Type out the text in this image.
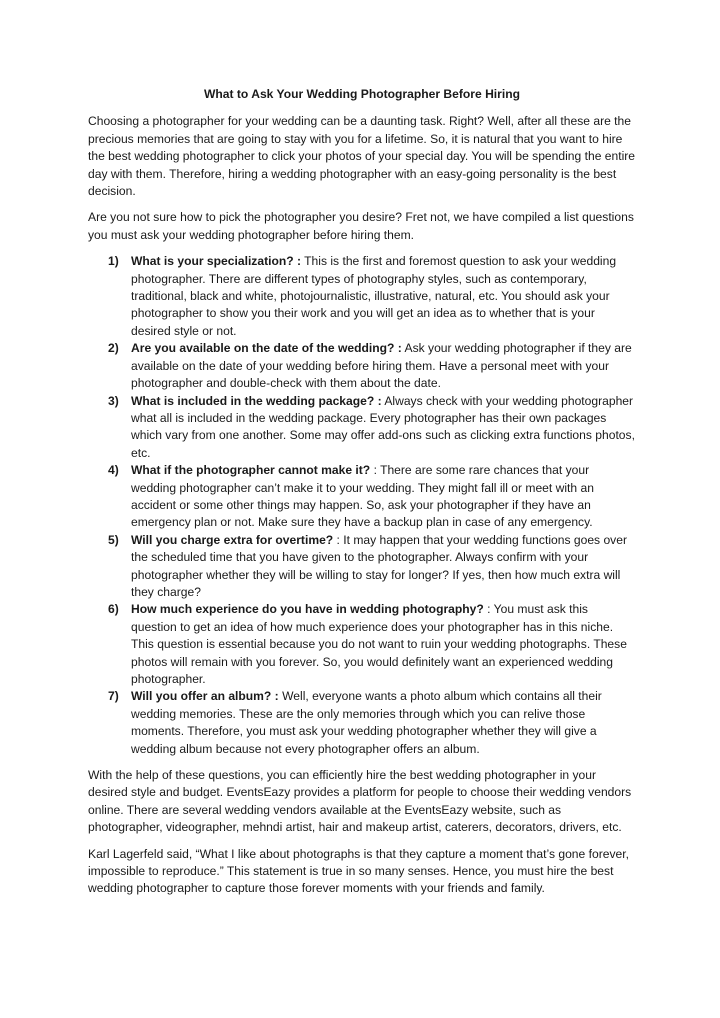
What to Ask Your Wedding Photographer Before Hiring

Choosing a photographer for your wedding can be a daunting task. Right? Well, after all these are the precious memories that are going to stay with you for a lifetime. So, it is natural that you want to hire the best wedding photographer to click your photos of your special day. You will be spending the entire day with them. Therefore, hiring a wedding photographer with an easy-going personality is the best decision.

Are you not sure how to pick the photographer you desire? Fret not, we have compiled a list questions you must ask your wedding photographer before hiring them.

1) What is your specialization? : This is the first and foremost question to ask your wedding photographer. There are different types of photography styles, such as contemporary, traditional, black and white, photojournalistic, illustrative, natural, etc. You should ask your photographer to show you their work and you will get an idea as to whether that is your desired style or not.
2) Are you available on the date of the wedding? : Ask your wedding photographer if they are available on the date of your wedding before hiring them. Have a personal meet with your photographer and double-check with them about the date.
3) What is included in the wedding package? : Always check with your wedding photographer what all is included in the wedding package. Every photographer has their own packages which vary from one another. Some may offer add-ons such as clicking extra functions photos, etc.
4) What if the photographer cannot make it? : There are some rare chances that your wedding photographer can’t make it to your wedding. They might fall ill or meet with an accident or some other things may happen. So, ask your photographer if they have an emergency plan or not. Make sure they have a backup plan in case of any emergency.
5) Will you charge extra for overtime? : It may happen that your wedding functions goes over the scheduled time that you have given to the photographer. Always confirm with your photographer whether they will be willing to stay for longer? If yes, then how much extra will they charge?
6) How much experience do you have in wedding photography? : You must ask this question to get an idea of how much experience does your photographer has in this niche. This question is essential because you do not want to ruin your wedding photographs. These photos will remain with you forever. So, you would definitely want an experienced wedding photographer.
7) Will you offer an album? : Well, everyone wants a photo album which contains all their wedding memories. These are the only memories through which you can relive those moments. Therefore, you must ask your wedding photographer whether they will give a wedding album because not every photographer offers an album.

With the help of these questions, you can efficiently hire the best wedding photographer in your desired style and budget. EventsEazy provides a platform for people to choose their wedding vendors online. There are several wedding vendors available at the EventsEazy website, such as photographer, videographer, mehndi artist, hair and makeup artist, caterers, decorators, drivers, etc.

Karl Lagerfeld said, “What I like about photographs is that they capture a moment that’s gone forever, impossible to reproduce.” This statement is true in so many senses. Hence, you must hire the best wedding photographer to capture those forever moments with your friends and family.
